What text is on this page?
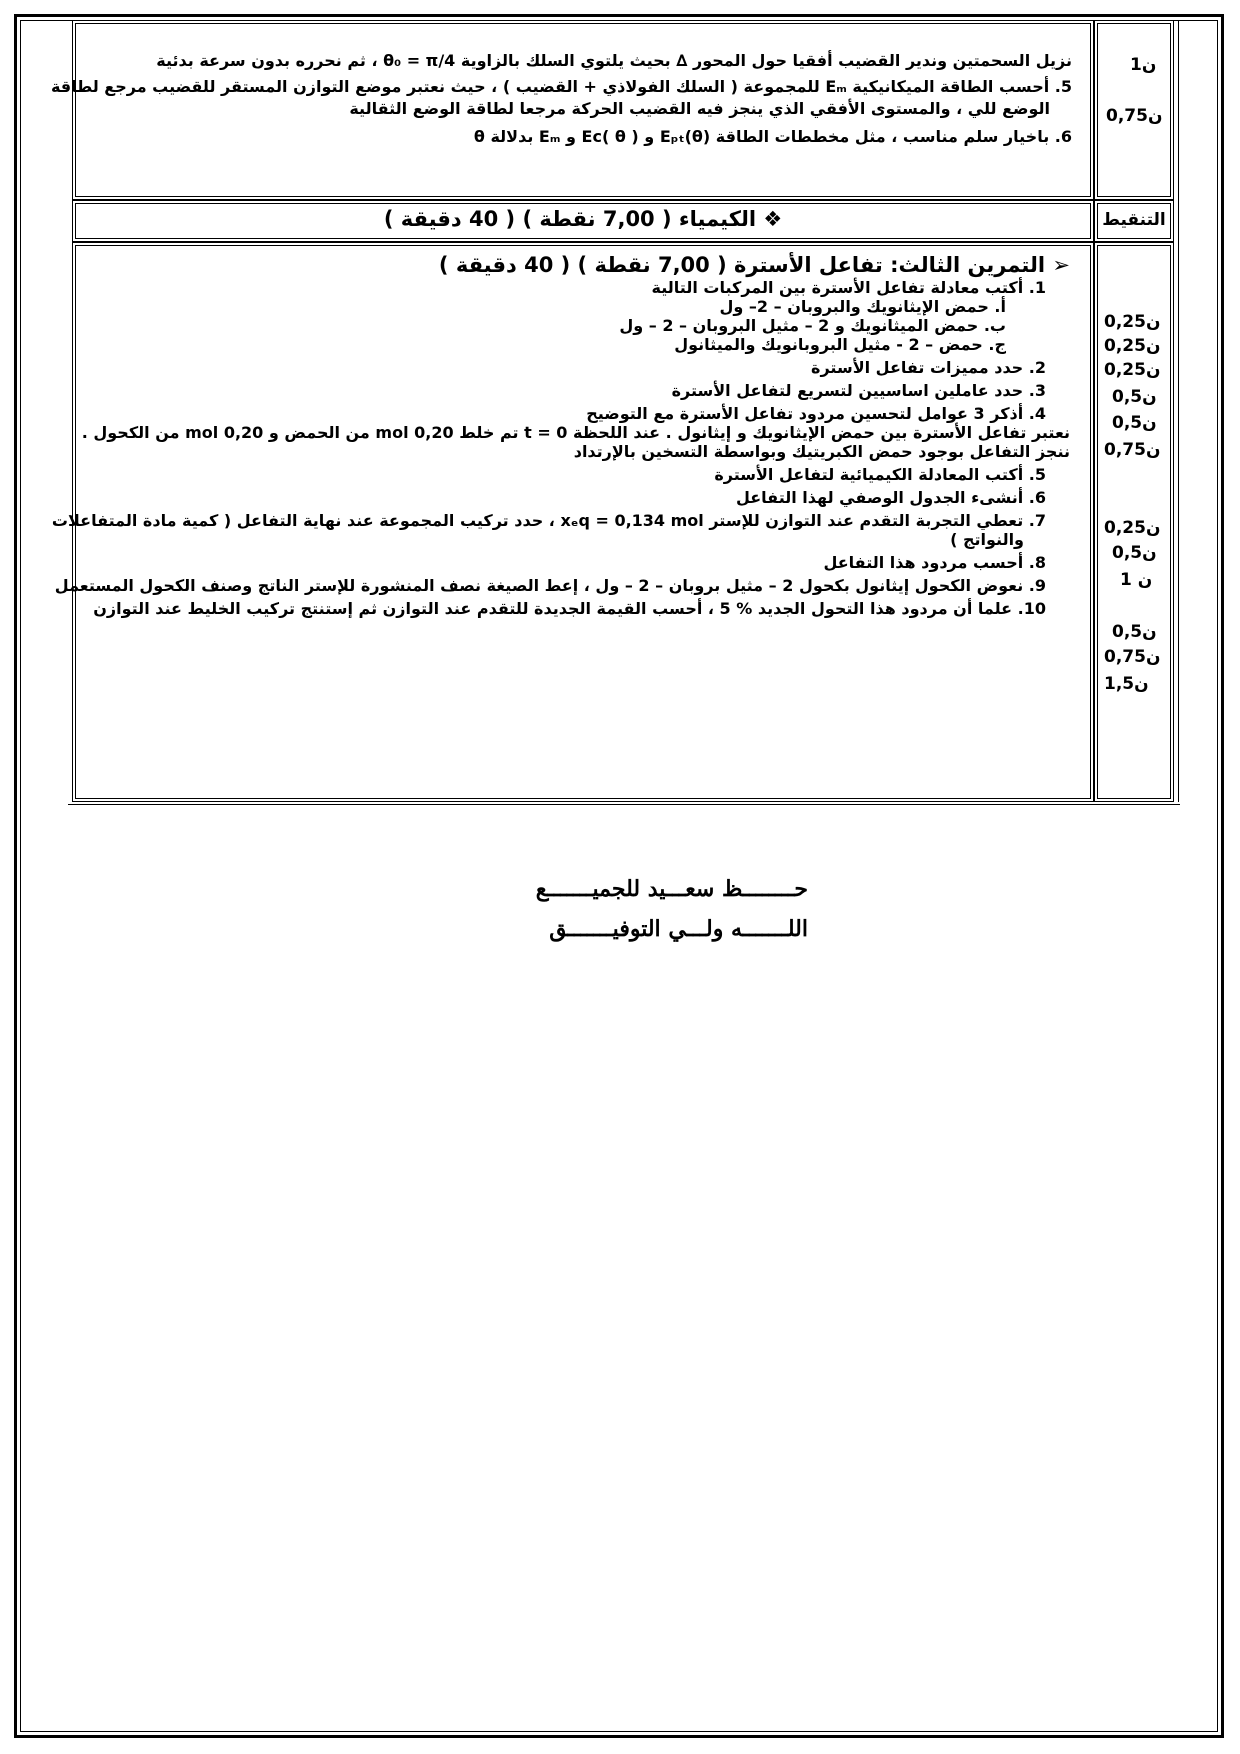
نزيل السحمتين وندير القضيب أفقيا حول المحور ∆ بحيث يلتوي السلك بالزاوية θ₀ = π/4 ، ثم نحرره بدون سرعة بدئية
5. أحسب الطاقة الميكانيكية Eₘ للمجموعة ( السلك الفولاذي + القضيب ) ، حيث نعتبر موضع التوازن المستقر للقضيب مرجع لطاقة
الوضع للي ، والمستوى الأفقي الذي ينجز فيه القضيب الحركة مرجعا لطاقة الوضع الثقالية
6. باخيار سلم مناسب ، مثل مخططات الطاقة Eₚₜ(θ) و Eс( θ ) و Eₘ بدلالة θ
1ن
0,75ن
❖ الكيمياء ( 7,00 نقطة ) ( 40 دقيقة )	التنقيط
➢ التمرين الثالث: تفاعل الأسترة ( 7,00 نقطة ) ( 40 دقيقة )
1. أكتب معادلة تفاعل الأسترة بين المركبات التالية
أ. حمض الإيثانويك والبروبان – 2– ول
ب. حمض الميثانويك و 2 – مثيل البروبان – 2 – ول
ج. حمض – 2 - مثيل البروبانويك والميثانول
2. حدد مميزات تفاعل الأسترة
3. حدد عاملين اساسيين لتسريع لتفاعل الأسترة
4. أذكر 3 عوامل لتحسين مردود تفاعل الأسترة مع التوضيح
نعتبر تفاعل الأسترة بين حمض الإيثانويك و إيثانول . عند اللحظة t = 0 تم خلط 0,20 mol من الحمض و 0,20 mol من الكحول .
ننجز التفاعل بوجود حمض الكبريتيك وبواسطة التسخين بالإرتداد
5. أكتب المعادلة الكيميائية لتفاعل الأسترة
6. أنشىء الجدول الوصفي لهذا التفاعل
7. تعطي التجربة التقدم عند التوازن للإستر xₑq = 0,134 mol ، حدد تركيب المجموعة عند نهاية التفاعل ( كمية مادة المتفاعلات
والنواتج )
8. أحسب مردود هذا التفاعل
9. نعوض الكحول إيثانول بكحول 2 – مثيل بروبان – 2 – ول ، إعط الصيغة نصف المنشورة للإستر الناتج وصنف الكحول المستعمل
10. علما أن مردود هذا التحول الجديد % 5 ، أحسب القيمة الجديدة للتقدم عند التوازن ثم إستنتج تركيب الخليط عند التوازن
0,25ن
0,25ن
0,25ن
0,5ن
0,5ن
0,75ن
0,25ن
0,5ن
1 ن
0,5ن
0,75ن
1,5ن
حــــــــظ سعـــيد للجميـــــــع
اللـــــــه ولـــي التوفيـــــــق
